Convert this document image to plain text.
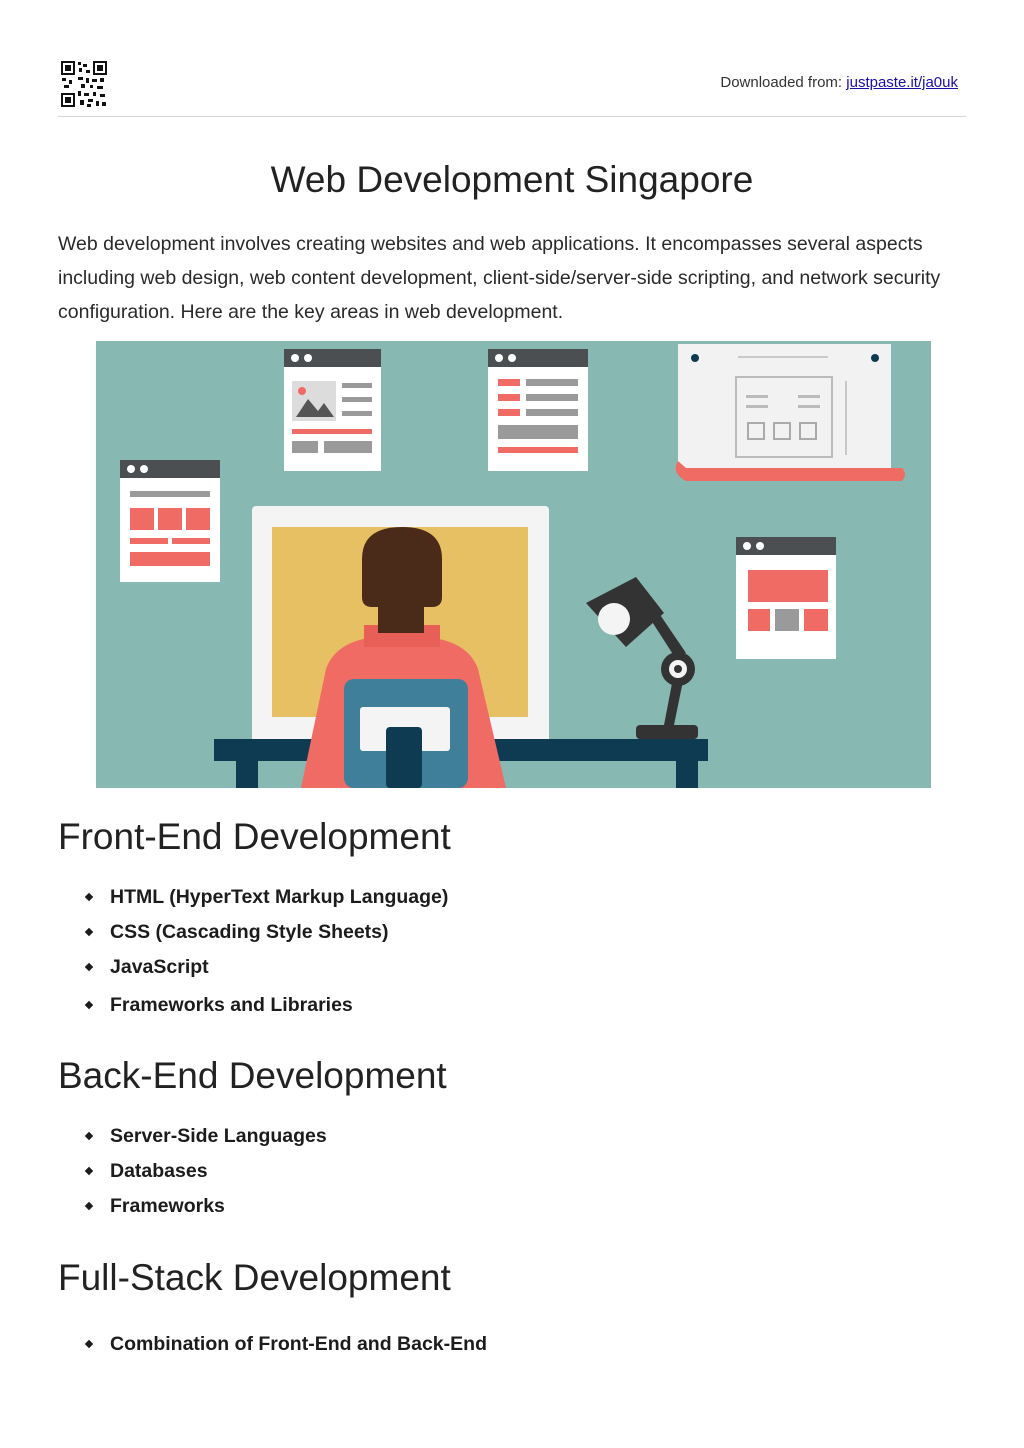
Downloaded from: justpaste.it/ja0uk
Web Development Singapore

Web development involves creating websites and web applications. It encompasses several aspects including web design, web content development, client-side/server-side scripting, and network security configuration. Here are the key areas in web development.

Front-End Development
HTML (HyperText Markup Language)
CSS (Cascading Style Sheets)
JavaScript
Frameworks and Libraries
Back-End Development
Server-Side Languages
Databases
Frameworks
Full-Stack Development
Combination of Front-End and Back-End
